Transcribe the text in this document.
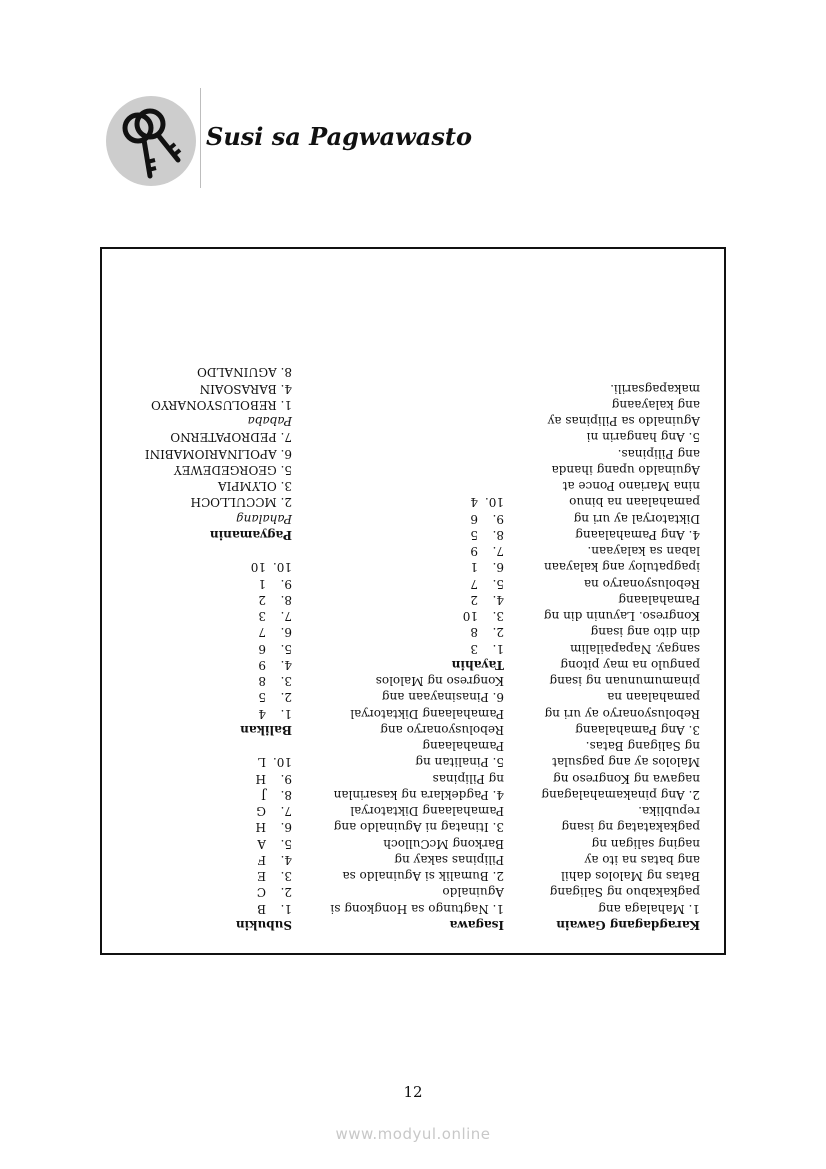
Susi sa Pagwawasto
Karagdagang Gawain
1. Mahalaga ang
pagkakabuo ng Saligang
Batas ng Malolos dahil
ang batas na ito ay
naging saligan ng
pagkakatatag ng isang
republika.
2. Ang pinakamahalagang
nagawa ng Kongreso ng
Malolos ay ang pagsulat
ng Saligang Batas.
3. Ang Pamahalaang
Rebolusyonaryo ay uri ng
pamahalaan na
pinamumunuan ng isang
pangulo na may pitong
sangay. Napapailalim
din dito ang isang
Kongreso. Layunin din ng
Pamahalaang
Rebolusyonaryo na
ipagpatuloy ang kalayaan
laban sa kalayaan.
4. Ang Pamahalaang
Diktatoryal ay uri ng
pamahalaan na binuo
nina Mariano Ponce at
Aguinaldo upang ihanda
ang Pilipinas.
5. Ang hangarin ni
Aguinaldo sa Pilipinas ay
ang kalayaang
makapagsarili.
Isagawa
1. Nagtungo sa Hongkong si
Aguinaldo
2. Bumalik si Aguinaldo sa
Pilipinas sakay ng
Barkong McCulloch
3. Itinatag ni Aguinaldo ang
Pamahalaang Diktatoryal
4. Pagdeklara ng kasarinlan
ng Pilipinas
5. Pinalitan ng
Pamahalaang
Rebolusyonaryo ang
Pamahalaang Diktatoryal
6. Pinasinayaan ang
Kongreso ng Malolos
Tayahin
1.
3
2.
8
3.
10
4.
2
5.
7
6.
1
7.
9
8.
5
9.
6
10.
4
Subukin
1.
B
2.
C
3.
E
4.
F
5.
A
6.
H
7.
G
8.
J
9.
H
10.
L
Balikan
1.
4
2.
5
3.
8
4.
9
5.
6
6.
7
7.
3
8.
2
9.
1
10.
10
Pagyamanin
Pahalang
2. MCCULLOCH
3. OLYMPIA
5. GEORGEDEWEY
6. APOLINARIOMABINI
7. PEDROPATERNO
Pababa
1. REBOLUSYONARYO
4. BARASOAIN
8. AGUINALDO
12
www.modyul.online
